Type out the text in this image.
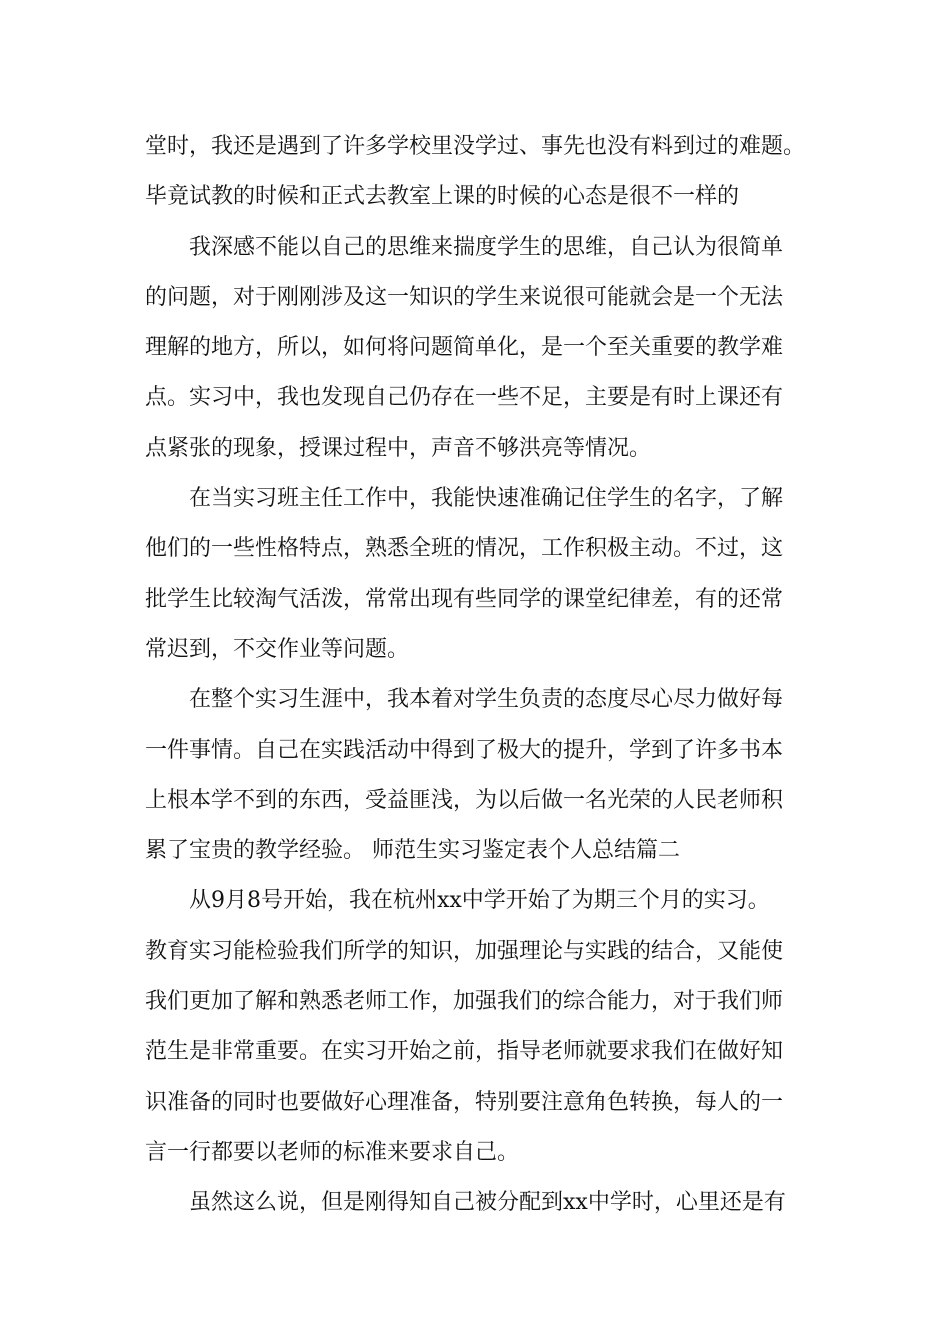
堂时，我还是遇到了许多学校里没学过、事先也没有料到过的难题。
毕竟试教的时候和正式去教室上课的时候的心态是很不一样的
我深感不能以自己的思维来揣度学生的思维，自己认为很简单
的问题，对于刚刚涉及这一知识的学生来说很可能就会是一个无法
理解的地方，所以，如何将问题简单化，是一个至关重要的教学难
点。实习中，我也发现自己仍存在一些不足，主要是有时上课还有
点紧张的现象，授课过程中，声音不够洪亮等情况。
在当实习班主任工作中，我能快速准确记住学生的名字，了解
他们的一些性格特点，熟悉全班的情况，工作积极主动。不过，这
批学生比较淘气活泼，常常出现有些同学的课堂纪律差，有的还常
常迟到，不交作业等问题。
在整个实习生涯中，我本着对学生负责的态度尽心尽力做好每
一件事情。自己在实践活动中得到了极大的提升，学到了许多书本
上根本学不到的东西，受益匪浅，为以后做一名光荣的人民老师积
累了宝贵的教学经验。 师范生实习鉴定表个人总结篇二
从9月8号开始，我在杭州xx中学开始了为期三个月的实习。
教育实习能检验我们所学的知识，加强理论与实践的结合，又能使
我们更加了解和熟悉老师工作，加强我们的综合能力，对于我们师
范生是非常重要。在实习开始之前，指导老师就要求我们在做好知
识准备的同时也要做好心理准备，特别要注意角色转换，每人的一
言一行都要以老师的标准来要求自己。
虽然这么说，但是刚得知自己被分配到xx中学时，心里还是有
